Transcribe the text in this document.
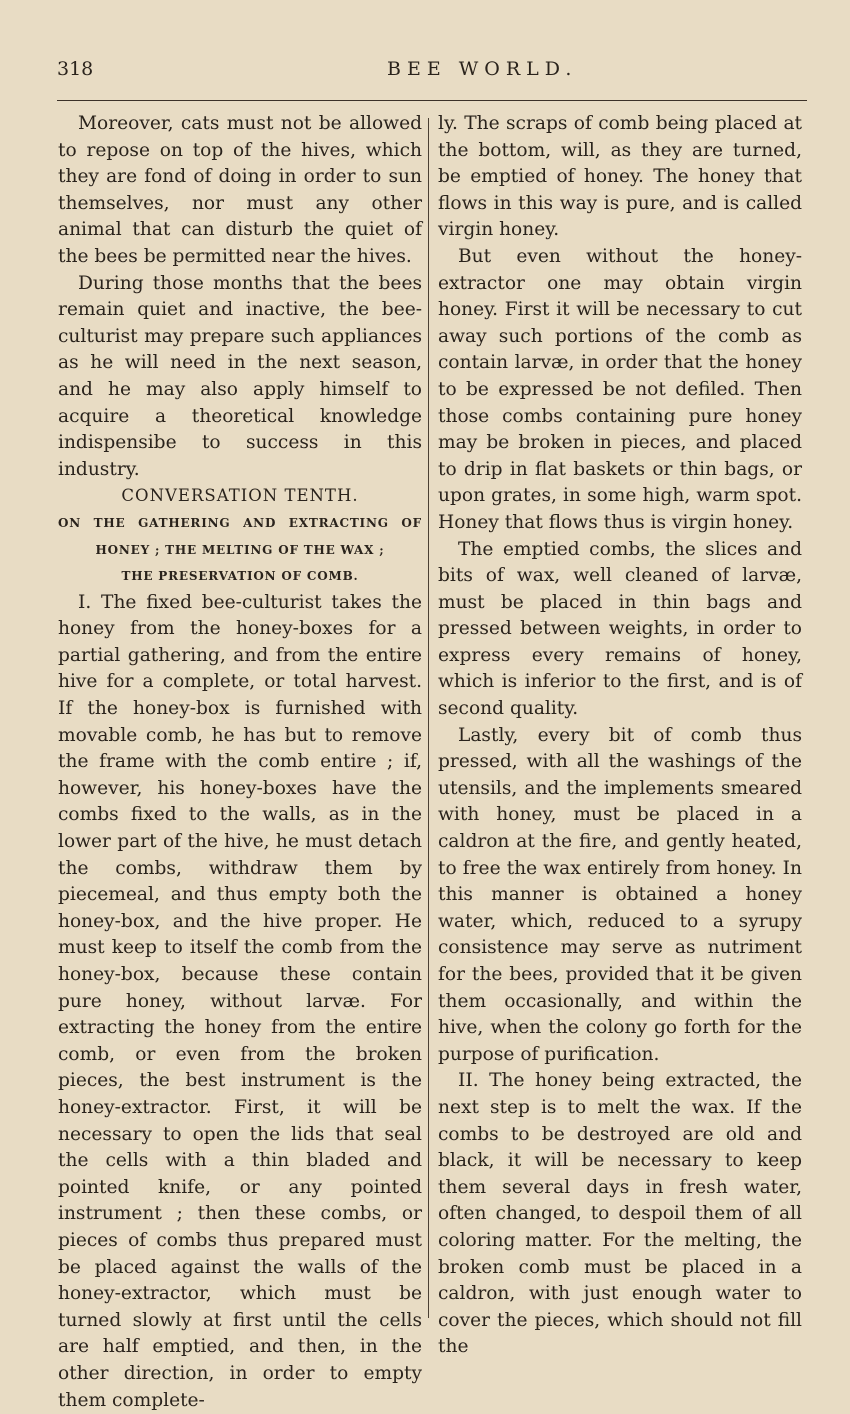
318	BEE WORLD.

Moreover, cats must not be allowed to repose on top of the hives, which they are fond of doing in order to sun themselves, nor must any other animal that can disturb the quiet of the bees be permitted near the hives.

During those months that the bees remain quiet and inactive, the bee-culturist may prepare such appliances as he will need in the next season, and he may also apply himself to acquire a theoretical knowledge indispensibe to success in this industry.

CONVERSATION TENTH.

ON THE GATHERING AND EXTRACTING OF

HONEY ; THE MELTING OF THE WAX ;

THE PRESERVATION OF COMB.

I. The fixed bee-culturist takes the honey from the honey-boxes for a partial gathering, and from the entire hive for a complete, or total harvest. If the honey-box is furnished with movable comb, he has but to remove the frame with the comb entire ; if, however, his honey-boxes have the combs fixed to the walls, as in the lower part of the hive, he must detach the combs, withdraw them by piecemeal, and thus empty both the honey-box, and the hive proper. He must keep to itself the comb from the honey-box, because these contain pure honey, without larvæ. For extracting the honey from the entire comb, or even from the broken pieces, the best instrument is the honey-extractor. First, it will be necessary to open the lids that seal the cells with a thin bladed and pointed knife, or any pointed instrument ; then these combs, or pieces of combs thus prepared must be placed against the walls of the honey-extractor, which must be turned slowly at first until the cells are half emptied, and then, in the other direction, in order to empty them complete-

ly. The scraps of comb being placed at the bottom, will, as they are turned, be emptied of honey. The honey that flows in this way is pure, and is called virgin honey.

But even without the honey-extractor one may obtain virgin honey. First it will be necessary to cut away such portions of the comb as contain larvæ, in order that the honey to be expressed be not defiled. Then those combs containing pure honey may be broken in pieces, and placed to drip in flat baskets or thin bags, or upon grates, in some high, warm spot. Honey that flows thus is virgin honey.

The emptied combs, the slices and bits of wax, well cleaned of larvæ, must be placed in thin bags and pressed between weights, in order to express every remains of honey, which is inferior to the first, and is of second quality.

Lastly, every bit of comb thus pressed, with all the washings of the utensils, and the implements smeared with honey, must be placed in a caldron at the fire, and gently heated, to free the wax entirely from honey. In this manner is obtained a honey water, which, reduced to a syrupy consistence may serve as nutriment for the bees, provided that it be given them occasionally, and within the hive, when the colony go forth for the purpose of purification.

II. The honey being extracted, the next step is to melt the wax. If the combs to be destroyed are old and black, it will be necessary to keep them several days in fresh water, often changed, to despoil them of all coloring matter. For the melting, the broken comb must be placed in a caldron, with just enough water to cover the pieces, which should not fill the
